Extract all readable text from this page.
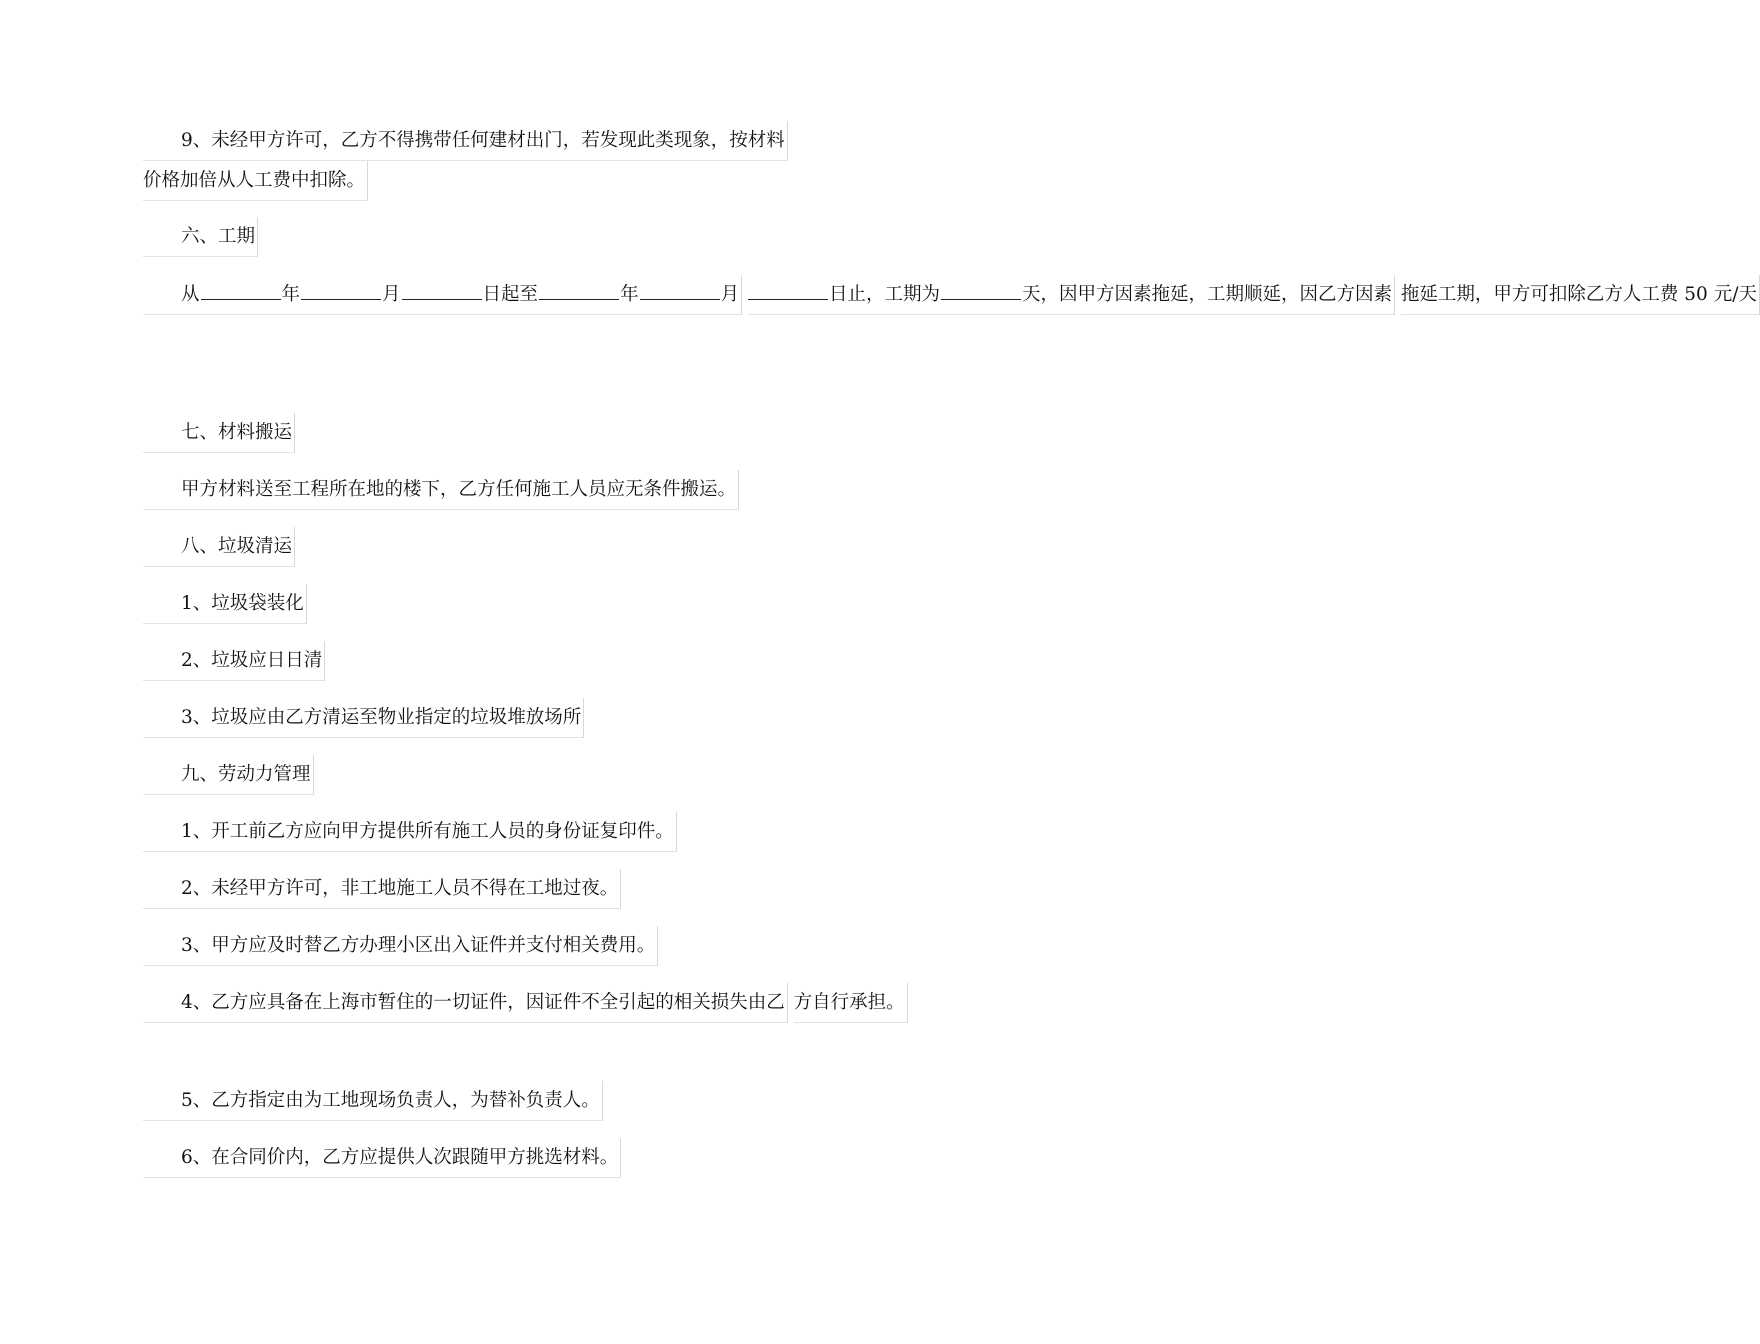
9、未经甲方许可，乙方不得携带任何建材出门，若发现此类现象，按材料
价格加倍从人工费中扣除。
六、工期
从	年	月	日起至	年	月	日止，工期为	天，因甲方因素拖延，工期顺延，因乙方因素 拖延工期，甲方可扣除乙方人工费 50 元/天
七、材料搬运
甲方材料送至工程所在地的楼下，乙方任何施工人员应无条件搬运。
八、垃圾清运
1、垃圾袋装化
2、垃圾应日日清
3、垃圾应由乙方清运至物业指定的垃圾堆放场所
九、劳动力管理
1、开工前乙方应向甲方提供所有施工人员的身份证复印件。
2、未经甲方许可，非工地施工人员不得在工地过夜。
3、甲方应及时替乙方办理小区出入证件并支付相关费用。
4、乙方应具备在上海市暂住的一切证件，因证件不全引起的相关损失由乙 方自行承担。
5、乙方指定由为工地现场负责人，为替补负责人。
6、在合同价内，乙方应提供人次跟随甲方挑选材料。
